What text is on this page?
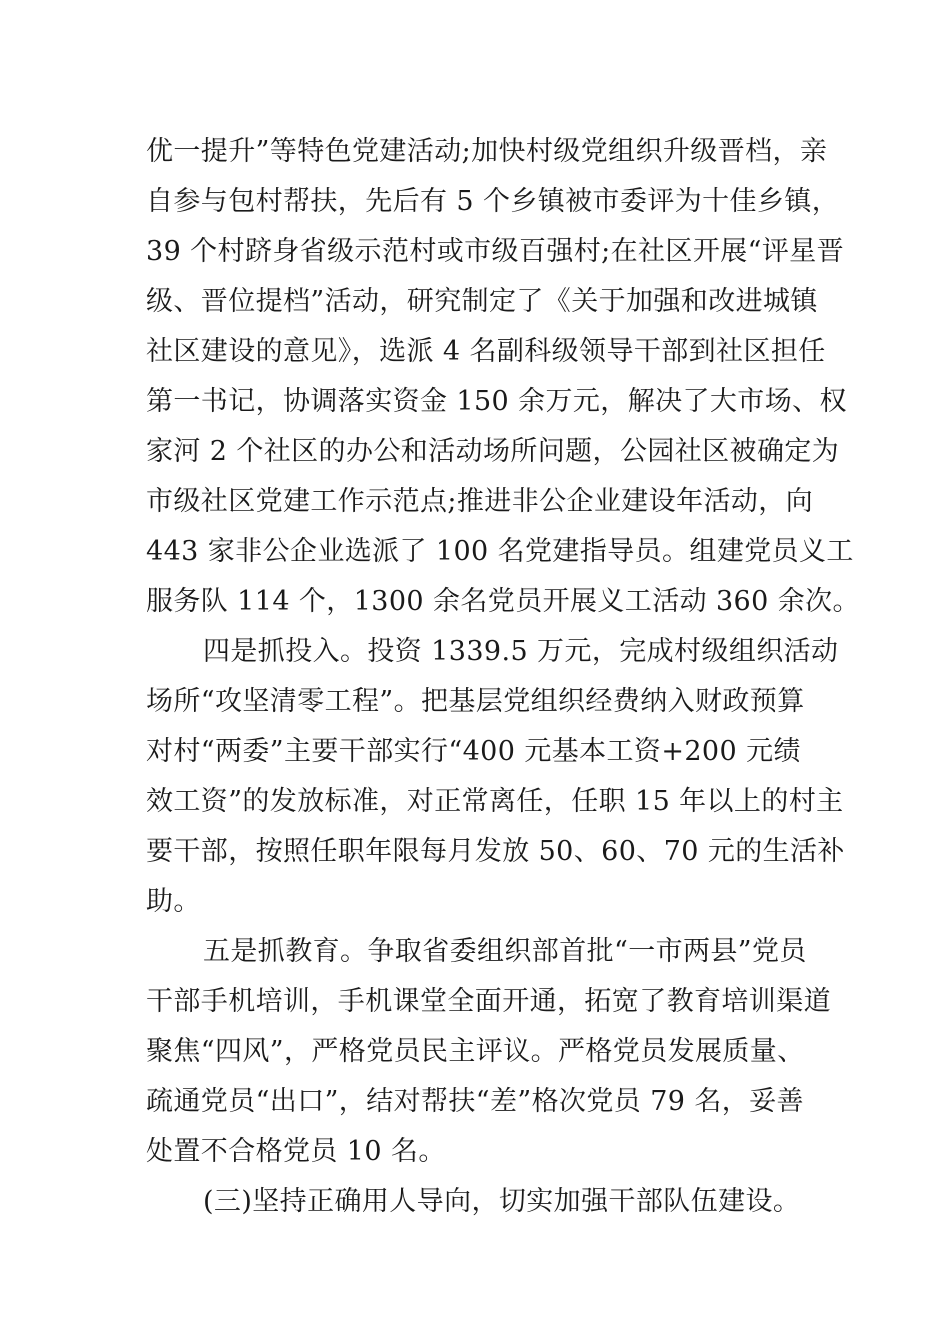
优一提升”等特色党建活动;加快村级党组织升级晋档，亲
自参与包村帮扶，先后有 5 个乡镇被市委评为十佳乡镇，
39 个村跻身省级示范村或市级百强村;在社区开展“评星晋
级、晋位提档”活动，研究制定了《关于加强和改进城镇
社区建设的意见》，选派 4 名副科级领导干部到社区担任
第一书记，协调落实资金 150 余万元，解决了大市场、权
家河 2 个社区的办公和活动场所问题，公园社区被确定为
市级社区党建工作示范点;推进非公企业建设年活动，向
443 家非公企业选派了 100 名党建指导员。组建党员义工
服务队 114 个，1300 余名党员开展义工活动 360 余次。
四是抓投入。投资 1339.5 万元，完成村级组织活动
场所“攻坚清零工程”。把基层党组织经费纳入财政预算
对村“两委”主要干部实行“400 元基本工资+200 元绩
效工资”的发放标准，对正常离任，任职 15 年以上的村主
要干部，按照任职年限每月发放 50、60、70 元的生活补
助。
五是抓教育。争取省委组织部首批“一市两县”党员
干部手机培训，手机课堂全面开通，拓宽了教育培训渠道
聚焦“四风”，严格党员民主评议。严格党员发展质量、
疏通党员“出口”，结对帮扶“差”格次党员 79 名，妥善
处置不合格党员 10 名。
(三)坚持正确用人导向，切实加强干部队伍建设。
